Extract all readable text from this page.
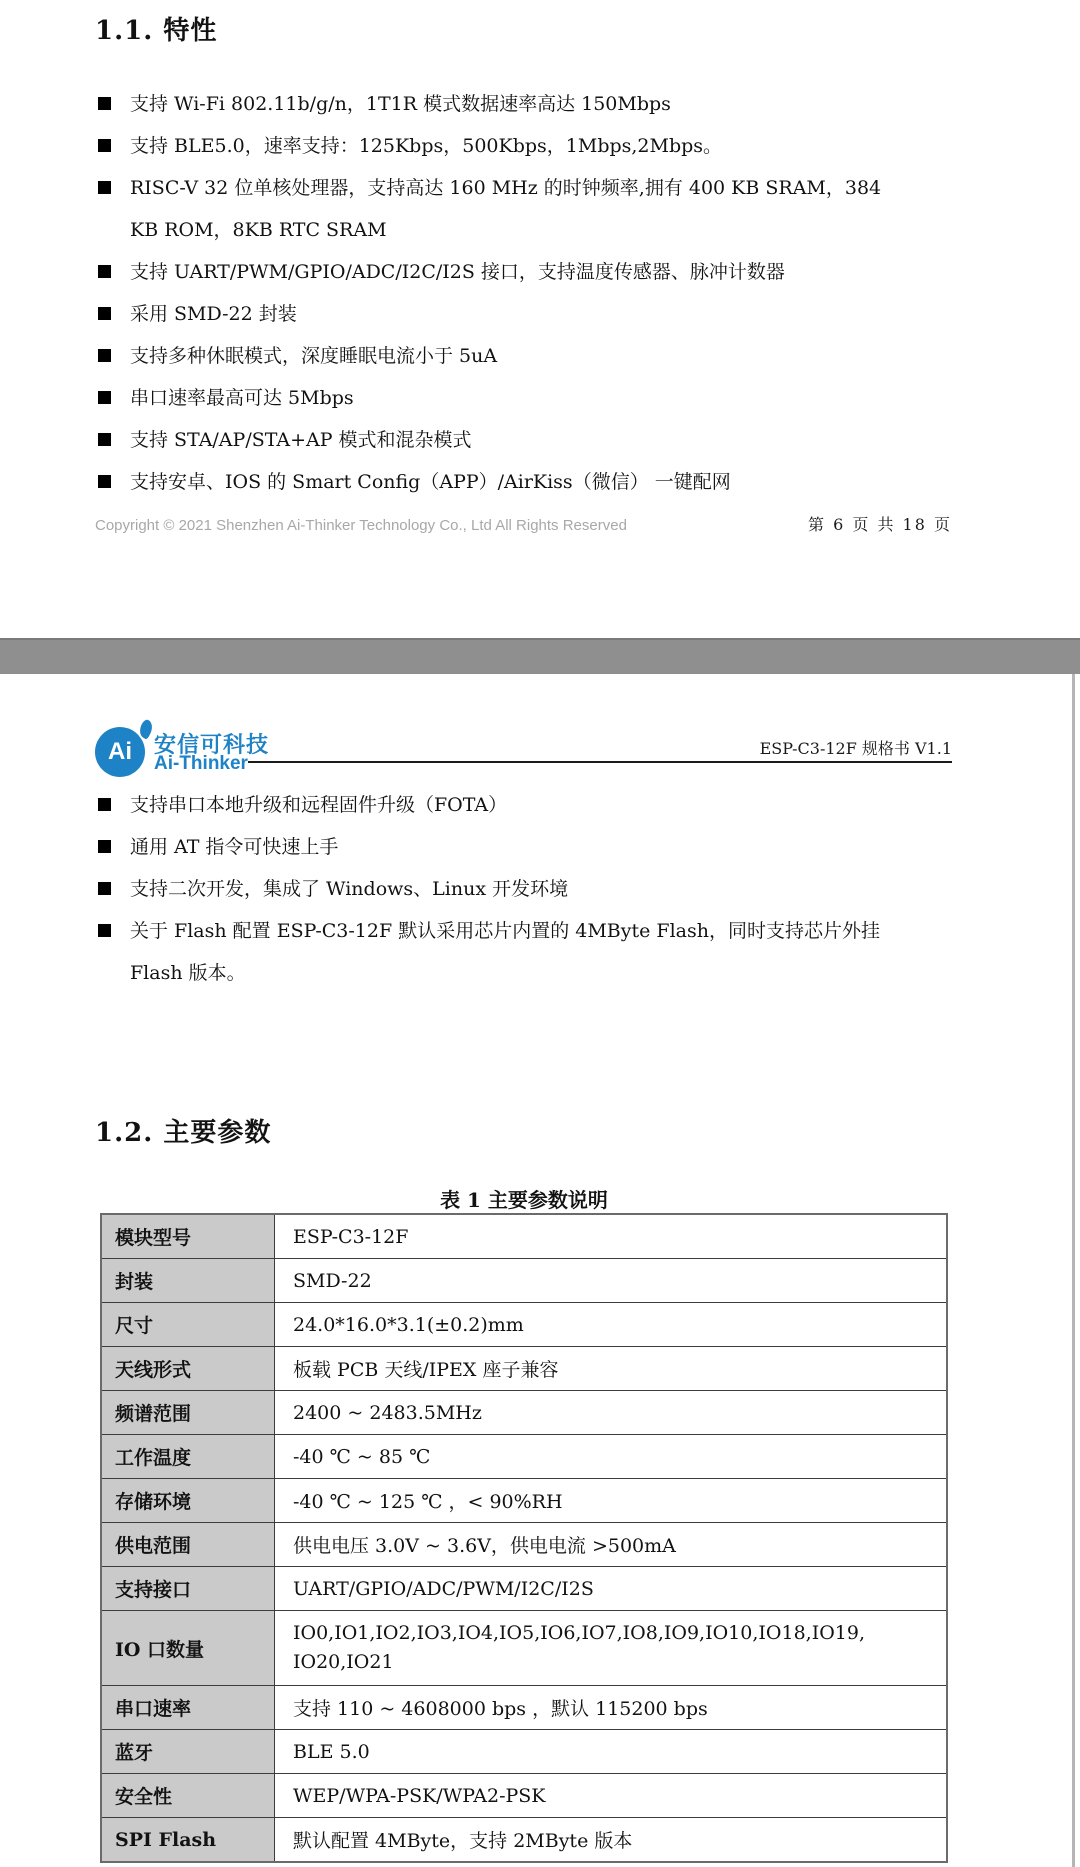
1.1. 特性
支持 Wi-Fi 802.11b/g/n，1T1R 模式数据速率高达 150Mbps
支持 BLE5.0，速率支持：125Kbps，500Kbps，1Mbps,2Mbps。
RISC-V 32 位单核处理器，支持高达 160 MHz 的时钟频率,拥有 400 KB SRAM，384
KB ROM，8KB RTC SRAM
支持 UART/PWM/GPIO/ADC/I2C/I2S 接口，支持温度传感器、脉冲计数器
采用 SMD-22 封装
支持多种休眠模式，深度睡眠电流小于 5uA
串口速率最高可达 5Mbps
支持 STA/AP/STA+AP 模式和混杂模式
支持安卓、IOS 的 Smart Config（APP）/AirKiss（微信） 一键配网
Copyright © 2021 Shenzhen Ai-Thinker Technology Co., Ltd All Rights Reserved	第 6 页 共 18 页
Ai 安信可科技
Ai-Thinker
ESP-C3-12F 规格书 V1.1
支持串口本地升级和远程固件升级（FOTA）
通用 AT 指令可快速上手
支持二次开发，集成了 Windows、Linux 开发环境
关于 Flash 配置 ESP-C3-12F 默认采用芯片内置的 4MByte Flash，同时支持芯片外挂
Flash 版本。
1.2. 主要参数

表 1 主要参数说明

模块型号	ESP-C3-12F
封装	SMD-22
尺寸	24.0*16.0*3.1(±0.2)mm
天线形式	板载 PCB 天线/IPEX 座子兼容
频谱范围	2400 ~ 2483.5MHz
工作温度	-40 ℃ ~ 85 ℃
存储环境	-40 ℃ ~ 125 ℃ ，< 90%RH
供电范围	供电电压 3.0V ~ 3.6V，供电电流 >500mA
支持接口	UART/GPIO/ADC/PWM/I2C/I2S
IO 口数量	IO0,IO1,IO2,IO3,IO4,IO5,IO6,IO7,IO8,IO9,IO10,IO18,IO19,
IO20,IO21

串口速率	支持 110 ~ 4608000 bps ，默认 115200 bps
蓝牙	BLE 5.0
安全性	WEP/WPA-PSK/WPA2-PSK
SPI Flash	默认配置 4MByte，支持 2MByte 版本
